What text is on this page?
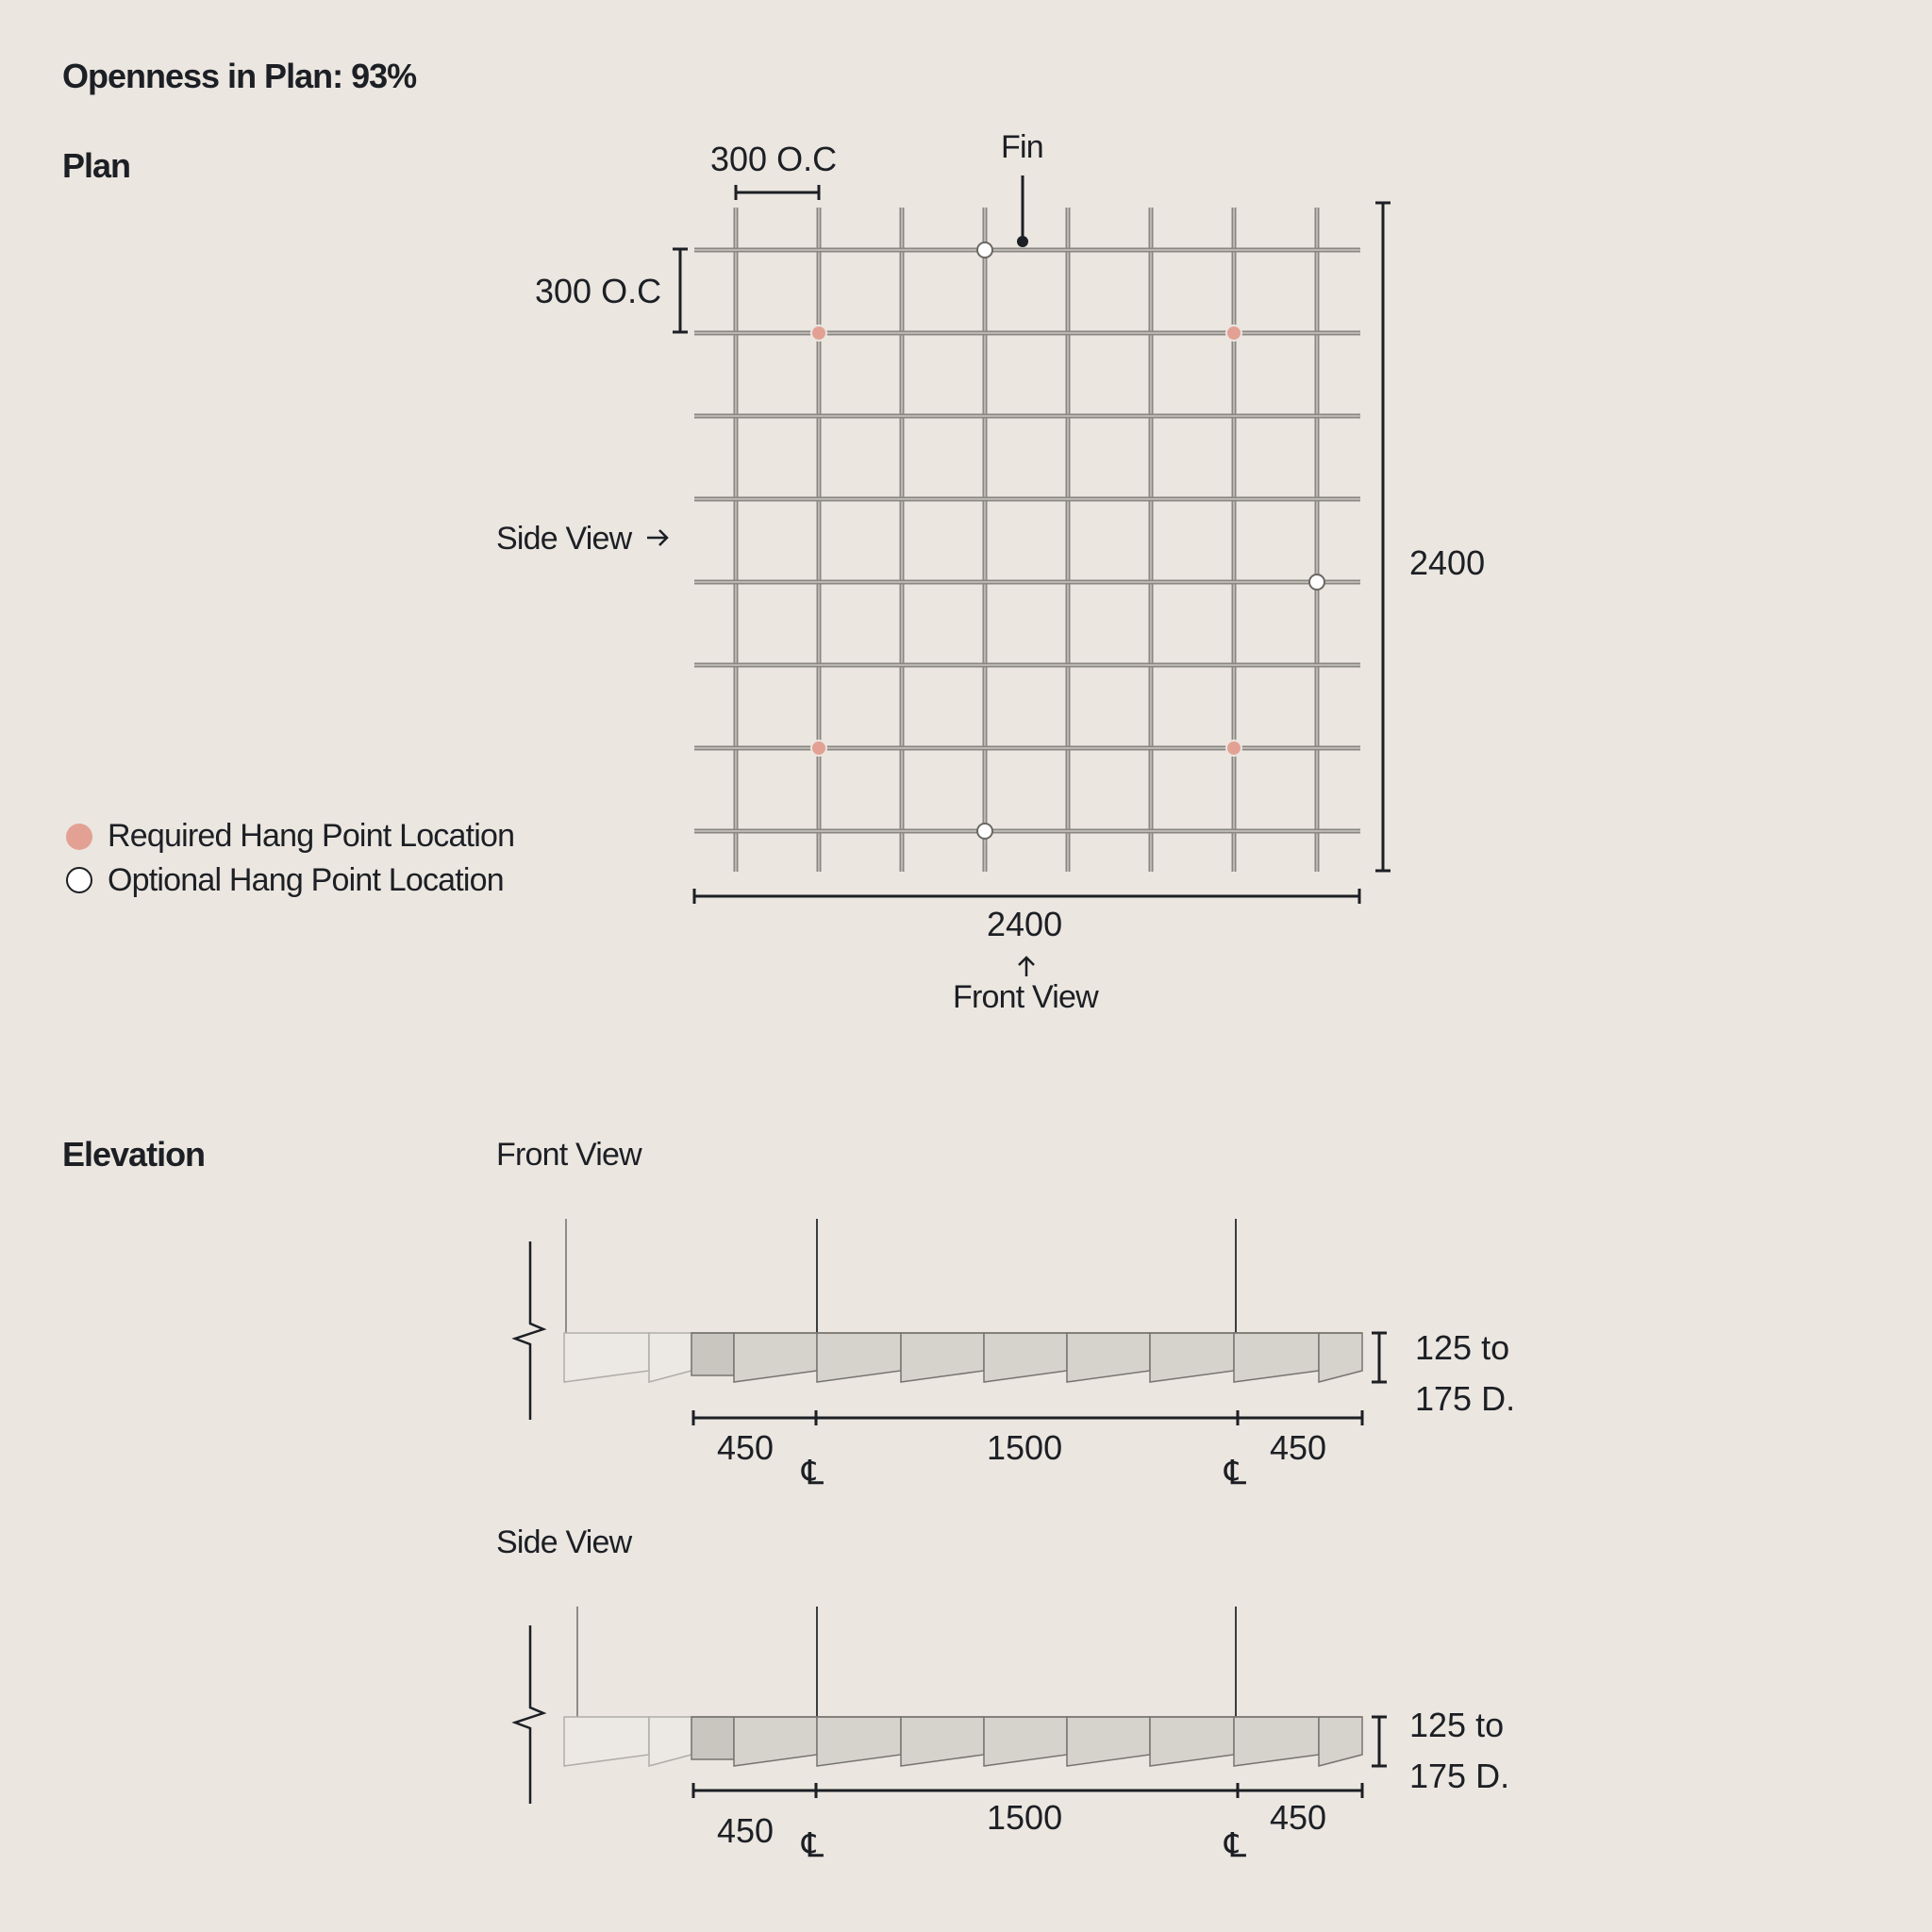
Openness in Plan: 93%
Plan
Elevation
300 O.C
300 O.C
Fin
Side View
2400
2400
Front View
Required Hang Point Location
Optional Hang Point Location
Front View
125 to
175 D.
450	1500	450
℄	℄
Side View
125 to
175 D.
450	1500	450
℄	℄
